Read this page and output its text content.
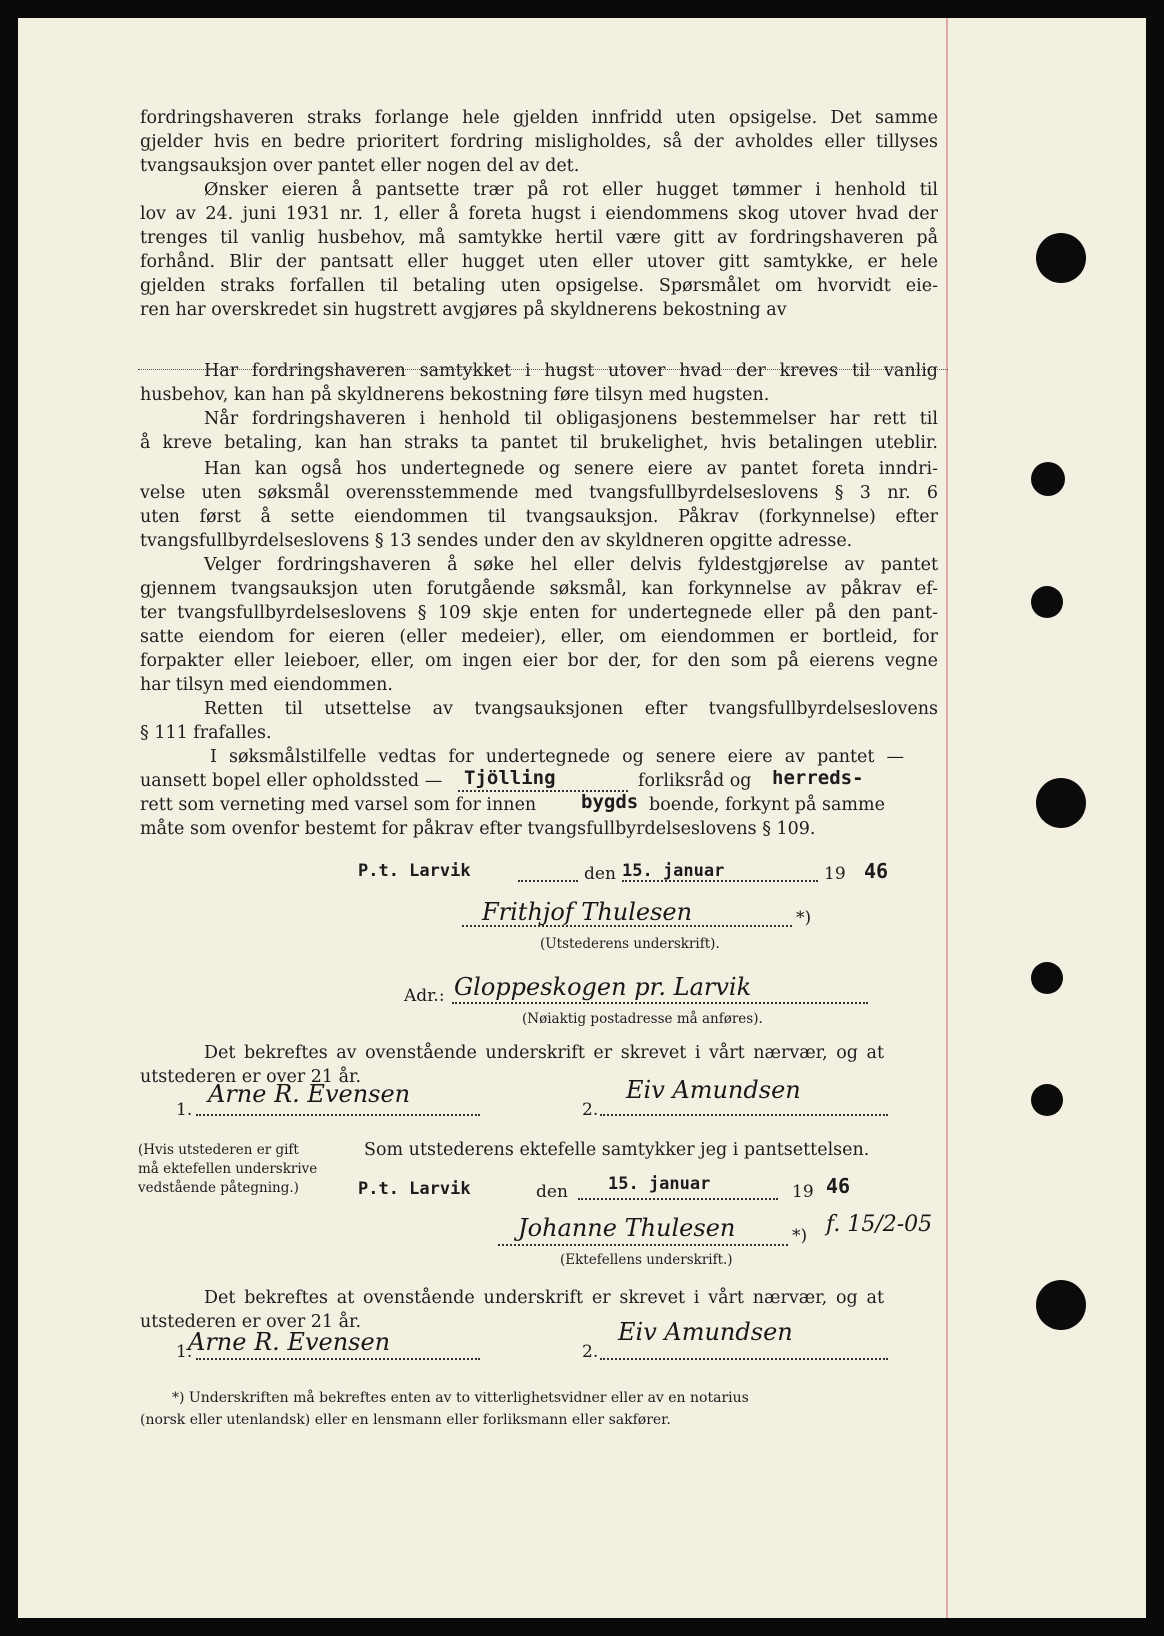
fordringshaveren straks forlange hele gjelden innfridd uten opsigelse. Det samme
gjelder hvis en bedre prioritert fordring misligholdes, så der avholdes eller tillyses
tvangsauksjon over pantet eller nogen del av det.
Ønsker eieren å pantsette trær på rot eller hugget tømmer i henhold til
lov av 24. juni 1931 nr. 1, eller å foreta hugst i eiendommens skog utover hvad der
trenges til vanlig husbehov, må samtykke hertil være gitt av fordringshaveren på
forhånd. Blir der pantsatt eller hugget uten eller utover gitt samtykke, er hele
gjelden straks forfallen til betaling uten opsigelse. Spørsmålet om hvorvidt eie-
ren har overskredet sin hugstrett avgjøres på skyldnerens bekostning av
Har fordringshaveren samtykket i hugst utover hvad der kreves til vanlig
husbehov, kan han på skyldnerens bekostning føre tilsyn med hugsten.
Når fordringshaveren i henhold til obligasjonens bestemmelser har rett til
å kreve betaling, kan han straks ta pantet til brukelighet, hvis betalingen uteblir.
Han kan også hos undertegnede og senere eiere av pantet foreta inndri-
velse uten søksmål overensstemmende med tvangsfullbyrdelseslovens § 3 nr. 6
uten først å sette eiendommen til tvangsauksjon. Påkrav (forkynnelse) efter
tvangsfullbyrdelseslovens § 13 sendes under den av skyldneren opgitte adresse.
Velger fordringshaveren å søke hel eller delvis fyldestgjørelse av pantet
gjennem tvangsauksjon uten forutgående søksmål, kan forkynnelse av påkrav ef-
ter tvangsfullbyrdelseslovens § 109 skje enten for undertegnede eller på den pant-
satte eiendom for eieren (eller medeier), eller, om eiendommen er bortleid, for
forpakter eller leieboer, eller, om ingen eier bor der, for den som på eierens vegne
har tilsyn med eiendommen.
Retten til utsettelse av tvangsauksjonen efter tvangsfullbyrdelseslovens
§ 111 frafalles.
I søksmålstilfelle vedtas for undertegnede og senere eiere av pantet —
uansett bopel eller opholdssted — Tjölling	forliksråd og herreds-
rett som verneting med varsel som for innen bygds boende, forkynt på samme
måte som ovenfor bestemt for påkrav efter tvangsfullbyrdelseslovens § 109.
P.t. Larvik	den 15. januar	19 46
Frithjof Thulesen	*)
(Utstederens underskrift).
Adr.: Gloppeskogen pr. Larvik
(Nøiaktig postadresse må anføres).
Det bekreftes av ovenstående underskrift er skrevet i vårt nærvær, og at
utstederen er over 21 år.
1.
Arne R. Evensen
2.
Eiv Amundsen
(Hvis utstederen er gift
må ektefellen underskrive
vedstående påtegning.)
Som utstederens ektefelle samtykker jeg i pantsettelsen.
P.t. Larvik	den 15. januar	19 46
Johanne Thulesen	*) f. 15/2-05
(Ektefellens underskrift.)
Det bekreftes at ovenstående underskrift er skrevet i vårt nærvær, og at
utstederen er over 21 år.
1.
Arne R. Evensen	2.
Eiv Amundsen
*) Underskriften må bekreftes enten av to vitterlighetsvidner eller av en notarius
(norsk eller utenlandsk) eller en lensmann eller forliksmann eller sakfører.
